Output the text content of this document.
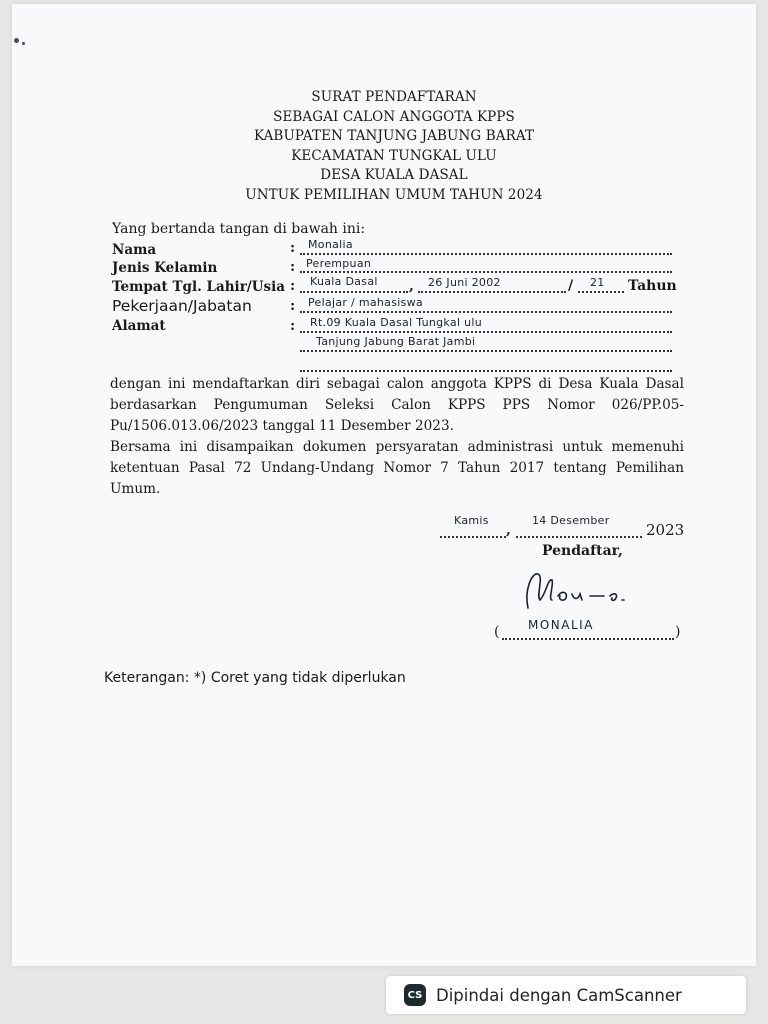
SURAT PENDAFTARAN
SEBAGAI CALON ANGGOTA KPPS
KABUPATEN TANJUNG JABUNG BARAT
KECAMATAN TUNGKAL ULU
DESA KUALA DASAL
UNTUK PEMILIHAN UMUM TAHUN 2024
Yang bertanda tangan di bawah ini:
Nama	: Monalia
Jenis Kelamin	: Perempuan
Tempat Tgl. Lahir/Usia : Kuala Dasal , 26 Juni 2002	/ 21 Tahun
Pekerjaan/Jabatan	: Pelajar / mahasiswa
Alamat	: Rt.09 Kuala Dasal Tungkal ulu
Tanjung Jabung Barat Jambi
dengan ini mendaftarkan diri sebagai calon anggota KPPS di Desa Kuala Dasal berdasarkan Pengumuman Seleksi Calon KPPS PPS Nomor 026/PP.05-Pu/1506.013.06/2023 tanggal 11 Desember 2023.
Bersama ini disampaikan dokumen persyaratan administrasi untuk memenuhi ketentuan Pasal 72 Undang-Undang Nomor 7 Tahun 2017 tentang Pemilihan Umum.
Kamis
,
14 Desember
2023
Pendaftar,
( MONALIA	)
Keterangan: *) Coret yang tidak diperlukan
CS Dipindai dengan CamScanner
